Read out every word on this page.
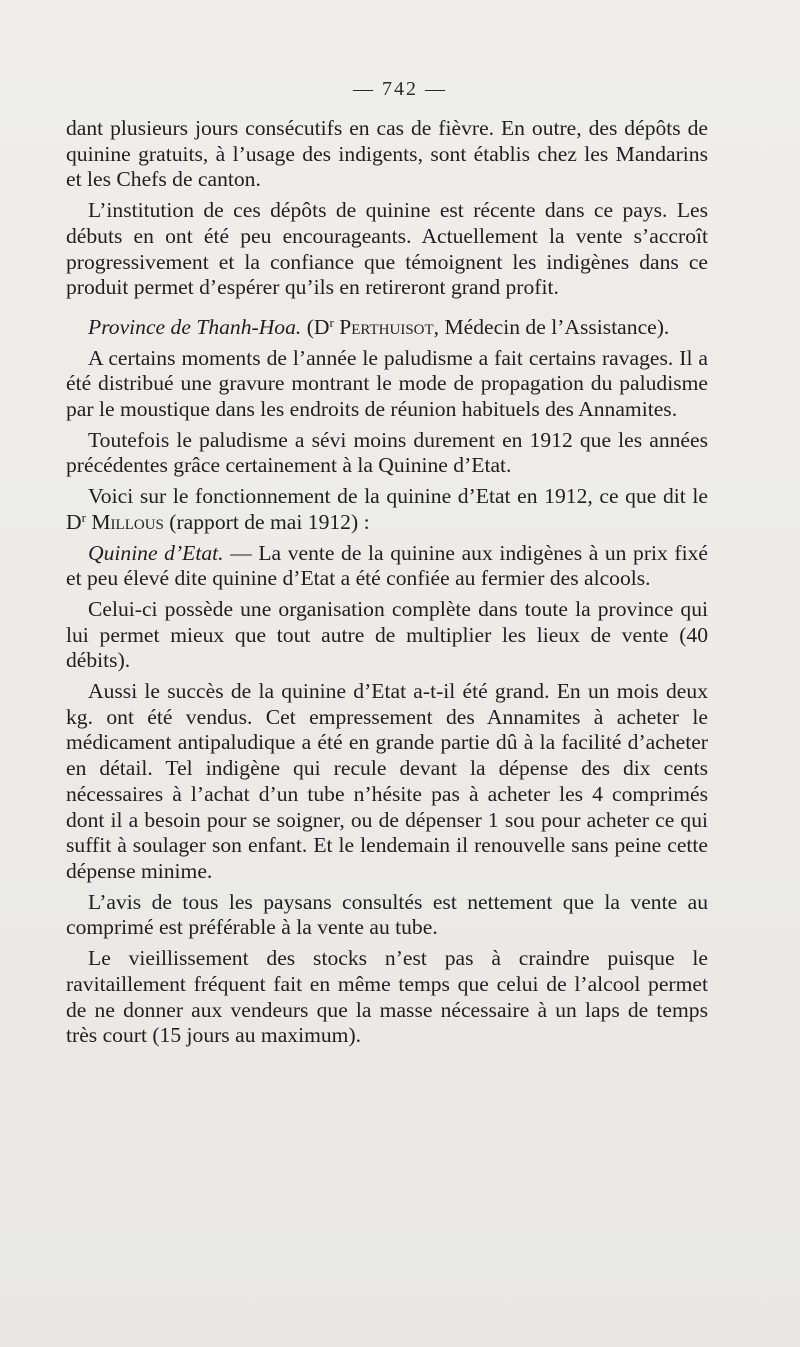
— 742 —

dant plusieurs jours consécutifs en cas de fièvre. En outre, des dépôts de quinine gratuits, à l’usage des indigents, sont établis chez les Mandarins et les Chefs de canton.

L’institution de ces dépôts de quinine est récente dans ce pays. Les débuts en ont été peu encourageants. Actuellement la vente s’accroît progressivement et la confiance que témoignent les indigènes dans ce produit permet d’espérer qu’ils en retireront grand profit.

Province de Thanh-Hoa. ($D^r$ Perthuisot, Médecin de l’Assistance).

A certains moments de l’année le paludisme a fait certains ravages. Il a été distribué une gravure montrant le mode de propagation du paludisme par le moustique dans les endroits de réunion habituels des Annamites.

Toutefois le paludisme a sévi moins durement en 1912 que les années précédentes grâce certainement à la Quinine d’Etat.

Voici sur le fonctionnement de la quinine d’Etat en 1912, ce que dit le $D^r$ Millous (rapport de mai 1912) :

Quinine d’Etat. — La vente de la quinine aux indigènes à un prix fixé et peu élevé dite quinine d’Etat a été confiée au fermier des alcools.

Celui-ci possède une organisation complète dans toute la province qui lui permet mieux que tout autre de multiplier les lieux de vente (40 débits).

Aussi le succès de la quinine d’Etat a-t-il été grand. En un mois deux kg. ont été vendus. Cet empressement des Annamites à acheter le médicament antipaludique a été en grande partie dû à la facilité d’acheter en détail. Tel indigène qui recule devant la dépense des dix cents nécessaires à l’achat d’un tube n’hésite pas à acheter les 4 comprimés dont il a besoin pour se soigner, ou de dépenser 1 sou pour acheter ce qui suffit à soulager son enfant. Et le lendemain il renouvelle sans peine cette dépense minime.

L’avis de tous les paysans consultés est nettement que la vente au comprimé est préférable à la vente au tube.

Le vieillissement des stocks n’est pas à craindre puisque le ravitaillement fréquent fait en même temps que celui de l’alcool permet de ne donner aux vendeurs que la masse nécessaire à un laps de temps très court (15 jours au maximum).
